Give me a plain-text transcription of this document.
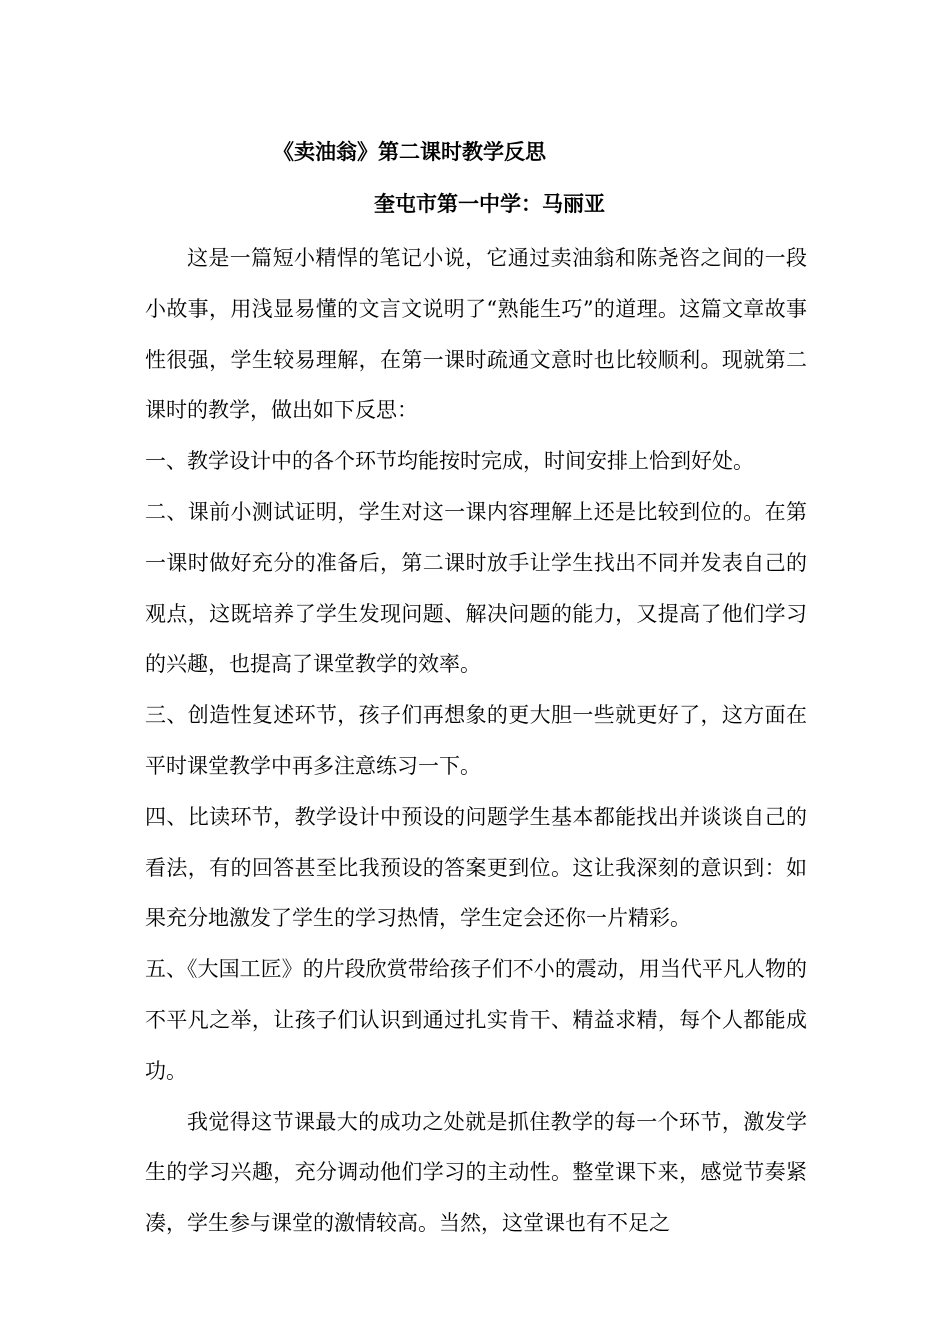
《卖油翁》第二课时教学反思
奎屯市第一中学：马丽亚

这是一篇短小精悍的笔记小说，它通过卖油翁和陈尧咨之间的一段小故事，用浅显易懂的文言文说明了“熟能生巧”的道理。这篇文章故事性很强，学生较易理解，在第一课时疏通文意时也比较顺利。现就第二课时的教学，做出如下反思：

一、教学设计中的各个环节均能按时完成，时间安排上恰到好处。

二、课前小测试证明，学生对这一课内容理解上还是比较到位的。在第一课时做好充分的准备后，第二课时放手让学生找出不同并发表自己的观点，这既培养了学生发现问题、解决问题的能力，又提高了他们学习的兴趣，也提高了课堂教学的效率。

三、创造性复述环节，孩子们再想象的更大胆一些就更好了，这方面在平时课堂教学中再多注意练习一下。

四、比读环节，教学设计中预设的问题学生基本都能找出并谈谈自己的看法，有的回答甚至比我预设的答案更到位。这让我深刻的意识到：如果充分地激发了学生的学习热情，学生定会还你一片精彩。

五、《大国工匠》的片段欣赏带给孩子们不小的震动，用当代平凡人物的不平凡之举，让孩子们认识到通过扎实肯干、精益求精，每个人都能成功。

我觉得这节课最大的成功之处就是抓住教学的每一个环节，激发学生的学习兴趣，充分调动他们学习的主动性。整堂课下来，感觉节奏紧凑，学生参与课堂的激情较高。当然，这堂课也有不足之
